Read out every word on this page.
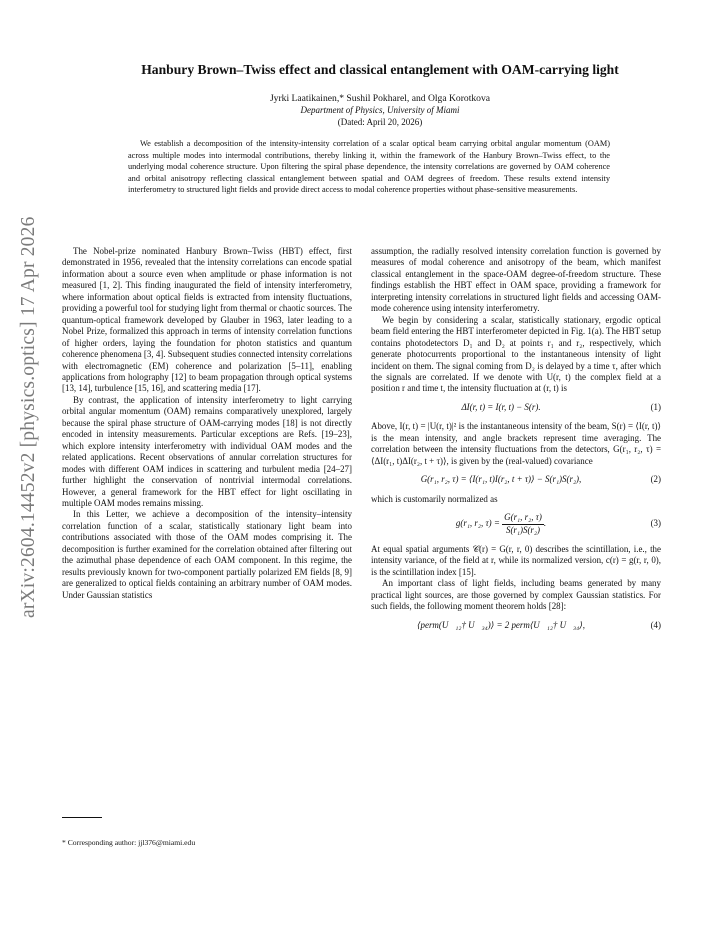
arXiv:2604.14452v2 [physics.optics] 17 Apr 2026
Hanbury Brown–Twiss effect and classical entanglement with OAM-carrying light
Jyrki Laatikainen,* Sushil Pokharel, and Olga Korotkova
Department of Physics, University of Miami
(Dated: April 20, 2026)
We establish a decomposition of the intensity-intensity correlation of a scalar optical beam carrying orbital angular momentum (OAM) across multiple modes into intermodal contributions, thereby linking it, within the framework of the Hanbury Brown–Twiss effect, to the underlying modal coherence structure. Upon filtering the spiral phase dependence, the intensity correlations are governed by OAM coherence and orbital anisotropy reflecting classical entanglement between spatial and OAM degrees of freedom. These results extend intensity interferometry to structured light fields and provide direct access to modal coherence properties without phase-sensitive measurements.

The Nobel-prize nominated Hanbury Brown–Twiss (HBT) effect, first demonstrated in 1956, revealed that the intensity correlations can encode spatial information about a source even when amplitude or phase information is not measured [1, 2]. This finding inaugurated the field of intensity interferometry, where information about optical fields is extracted from intensity fluctuations, providing a powerful tool for studying light from thermal or chaotic sources. The quantum-optical framework developed by Glauber in 1963, later leading to a Nobel Prize, formalized this approach in terms of intensity correlation functions of higher orders, laying the foundation for photon statistics and quantum coherence phenomena [3, 4]. Subsequent studies connected intensity correlations with electromagnetic (EM) coherence and polarization [5–11], enabling applications from holography [12] to beam propagation through optical systems [13, 14], turbulence [15, 16], and scattering media [17].

By contrast, the application of intensity interferometry to light carrying orbital angular momentum (OAM) remains comparatively unexplored, largely because the spiral phase structure of OAM-carrying modes [18] is not directly encoded in intensity measurements. Particular exceptions are Refs. [19–23], which explore intensity interferometry with individual OAM modes and the related applications. Recent observations of annular correlation structures for modes with different OAM indices in scattering and turbulent media [24–27] further highlight the conservation of nontrivial intermodal correlations. However, a general framework for the HBT effect for light oscillating in multiple OAM modes remains missing.

In this Letter, we achieve a decomposition of the intensity–intensity correlation function of a scalar, statistically stationary light beam into contributions associated with those of the OAM modes comprising it. The decomposition is further examined for the correlation obtained after filtering out the azimuthal phase dependence of each OAM component. In this regime, the results previously known for two-component partially polarized EM fields [8, 9] are generalized to optical fields containing an arbitrary number of OAM modes. Under Gaussian statistics

assumption, the radially resolved intensity correlation function is governed by measures of modal coherence and anisotropy of the beam, which manifest classical entanglement in the space-OAM degree-of-freedom structure. These findings establish the HBT effect in OAM space, providing a framework for interpreting intensity correlations in structured light fields and accessing OAM-mode coherence using intensity interferometry.

We begin by considering a scalar, statistically stationary, ergodic optical beam field entering the HBT interferometer depicted in Fig. 1(a). The HBT setup contains photodetectors D₁ and D₂ at points r₁ and r₂, respectively, which generate photocurrents proportional to the instantaneous intensity of light incident on them. The signal coming from D₂ is delayed by a time τ, after which the signals are correlated. If we denote with U(r, t) the complex field at a position r and time t, the intensity fluctuation at (r, t) is

ΔI(r, t) = I(r, t) − S(r).	(1)

Above, I(r, t) = |U(r, t)|² is the instantaneous intensity of the beam, S(r) = ⟨I(r, t)⟩ is the mean intensity, and angle brackets represent time averaging. The correlation between the intensity fluctuations from the detectors, G(r₁, r₂, τ) = ⟨ΔI(r₁, t)ΔI(r₂, t + τ)⟩, is given by the (real-valued) covariance

G(r₁, r₂, τ) = ⟨I(r₁, t)I(r₂, t + τ)⟩ − S(r₁)S(r₂),	(2)

which is customarily normalized as

g(r₁, r₂, $\tau) = \frac{\text{G(r₁, r₂, τ)}}{\text{S(r₁)S(r₂)}}$ .	(3)

At equal spatial arguments 𝒞(r) = G(r, r, 0) describes the scintillation, i.e., the intensity variance, of the field at r, while its normalized version, c(r) = g(r, r, 0), is the scintillation index [15].

An important class of light fields, including beams generated by many practical light sources, are those governed by complex Gaussian statistics. For such fields, the following moment theorem holds [28]:

⟨perm(U⃗₁₂† U⃗₃₄)⟩ = 2 perm⟨U⃗₁₂† U⃗₃₄⟩,	(4)
* Corresponding author: jjl376@miami.edu
